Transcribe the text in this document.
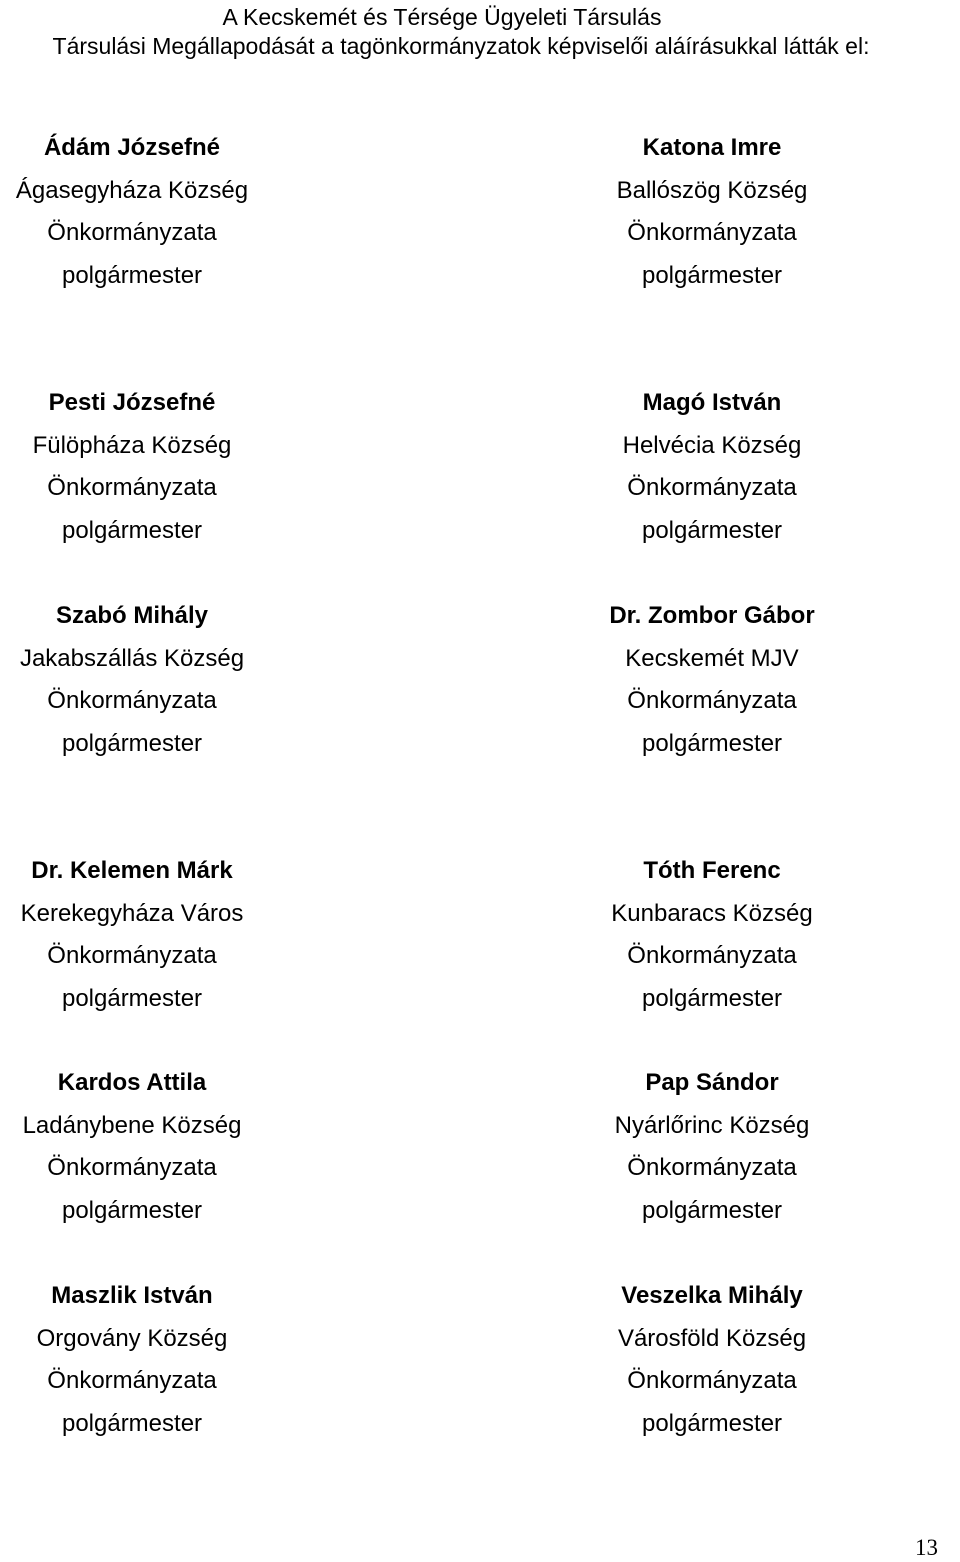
A Kecskemét és Térsége Ügyeleti Társulás
Társulási Megállapodását a tagönkormányzatok képviselői aláírásukkal látták el:
Ádám Józsefné
Ágasegyháza Község
Önkormányzata
polgármester
Katona Imre
Ballószög Község
Önkormányzata
polgármester
Pesti Józsefné
Fülöpháza Község
Önkormányzata
polgármester
Magó István
Helvécia Község
Önkormányzata
polgármester
Szabó Mihály
Jakabszállás Község
Önkormányzata
polgármester
Dr. Zombor Gábor
Kecskemét MJV
Önkormányzata
polgármester
Dr. Kelemen Márk
Kerekegyháza Város
Önkormányzata
polgármester
Tóth Ferenc
Kunbaracs Község
Önkormányzata
polgármester
Kardos Attila
Ladánybene Község
Önkormányzata
polgármester
Pap Sándor
Nyárlőrinc Község
Önkormányzata
polgármester
Maszlik István
Orgovány Község
Önkormányzata
polgármester
Veszelka Mihály
Városföld Község
Önkormányzata
polgármester
13
